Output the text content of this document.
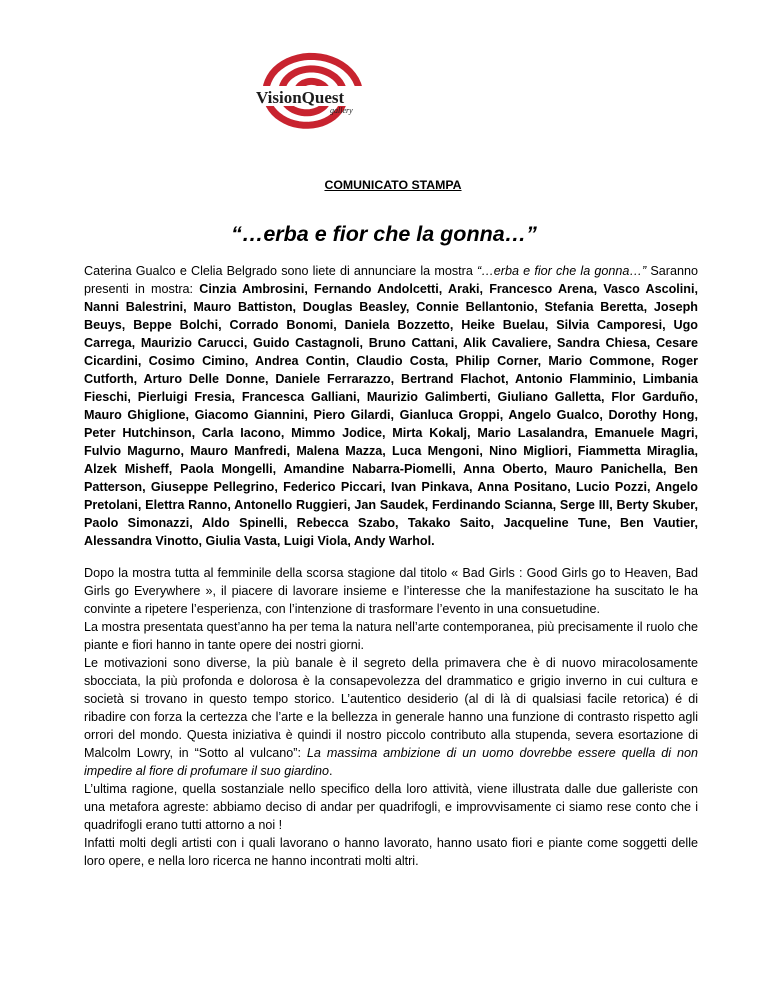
VisionQuest
gallery
COMUNICATO STAMPA
“…erba e fior che la gonna…”

Caterina Gualco e Clelia Belgrado sono liete di annunciare la mostra “…erba e fior che la gonna…” Saranno presenti in mostra: Cinzia Ambrosini, Fernando Andolcetti, Araki, Francesco Arena, Vasco Ascolini, Nanni Balestrini, Mauro Battiston, Douglas Beasley, Connie Bellantonio, Stefania Beretta, Joseph Beuys, Beppe Bolchi, Corrado Bonomi, Daniela Bozzetto, Heike Buelau, Silvia Camporesi, Ugo Carrega, Maurizio Carucci, Guido Castagnoli, Bruno Cattani, Alik Cavaliere, Sandra Chiesa, Cesare Cicardini, Cosimo Cimino, Andrea Contin, Claudio Costa, Philip Corner, Mario Commone, Roger Cutforth, Arturo Delle Donne, Daniele Ferrarazzo, Bertrand Flachot, Antonio Flamminio, Limbania Fieschi, Pierluigi Fresia, Francesca Galliani, Maurizio Galimberti, Giuliano Galletta, Flor Garduño, Mauro Ghiglione, Giacomo Giannini, Piero Gilardi, Gianluca Groppi, Angelo Gualco, Dorothy Hong, Peter Hutchinson, Carla Iacono, Mimmo Jodice, Mirta Kokalj, Mario Lasalandra, Emanuele Magri, Fulvio Magurno, Mauro Manfredi, Malena Mazza, Luca Mengoni, Nino Migliori, Fiammetta Miraglia, Alzek Misheff, Paola Mongelli, Amandine Nabarra-Piomelli, Anna Oberto, Mauro Panichella, Ben Patterson, Giuseppe Pellegrino, Federico Piccari, Ivan Pinkava, Anna Positano, Lucio Pozzi, Angelo Pretolani, Elettra Ranno, Antonello Ruggieri, Jan Saudek, Ferdinando Scianna, Serge III, Berty Skuber, Paolo Simonazzi, Aldo Spinelli, Rebecca Szabo, Takako Saito, Jacqueline Tune, Ben Vautier, Alessandra Vinotto, Giulia Vasta, Luigi Viola, Andy Warhol.

Dopo la mostra tutta al femminile della scorsa stagione dal titolo « Bad Girls : Good Girls go to Heaven, Bad Girls go Everywhere », il piacere di lavorare insieme e l’interesse che la manifestazione ha suscitato le ha convinte a ripetere l’esperienza, con l’intenzione di trasformare l’evento in una consuetudine.

La mostra presentata quest’anno ha per tema la natura nell’arte contemporanea, più precisamente il ruolo che piante e fiori hanno in tante opere dei nostri giorni.

Le motivazioni sono diverse, la più banale è il segreto della primavera che è di nuovo miracolosamente sbocciata, la più profonda e dolorosa è la consapevolezza del drammatico e grigio inverno in cui cultura e società si trovano in questo tempo storico. L’autentico desiderio (al di là di qualsiasi facile retorica) é di ribadire con forza la certezza che l’arte e la bellezza in generale hanno una funzione di contrasto rispetto agli orrori del mondo. Questa iniziativa è quindi il nostro piccolo contributo alla stupenda, severa esortazione di Malcolm Lowry, in “Sotto al vulcano”: La massima ambizione di un uomo dovrebbe essere quella di non impedire al fiore di profumare il suo giardino.

L’ultima ragione, quella sostanziale nello specifico della loro attività, viene illustrata dalle due galleriste con una metafora agreste: abbiamo deciso di andar per quadrifogli, e improvvisamente ci siamo rese conto che i quadrifogli erano tutti attorno a noi !

Infatti molti degli artisti con i quali lavorano o hanno lavorato, hanno usato fiori e piante come soggetti delle loro opere, e nella loro ricerca ne hanno incontrati molti altri.
